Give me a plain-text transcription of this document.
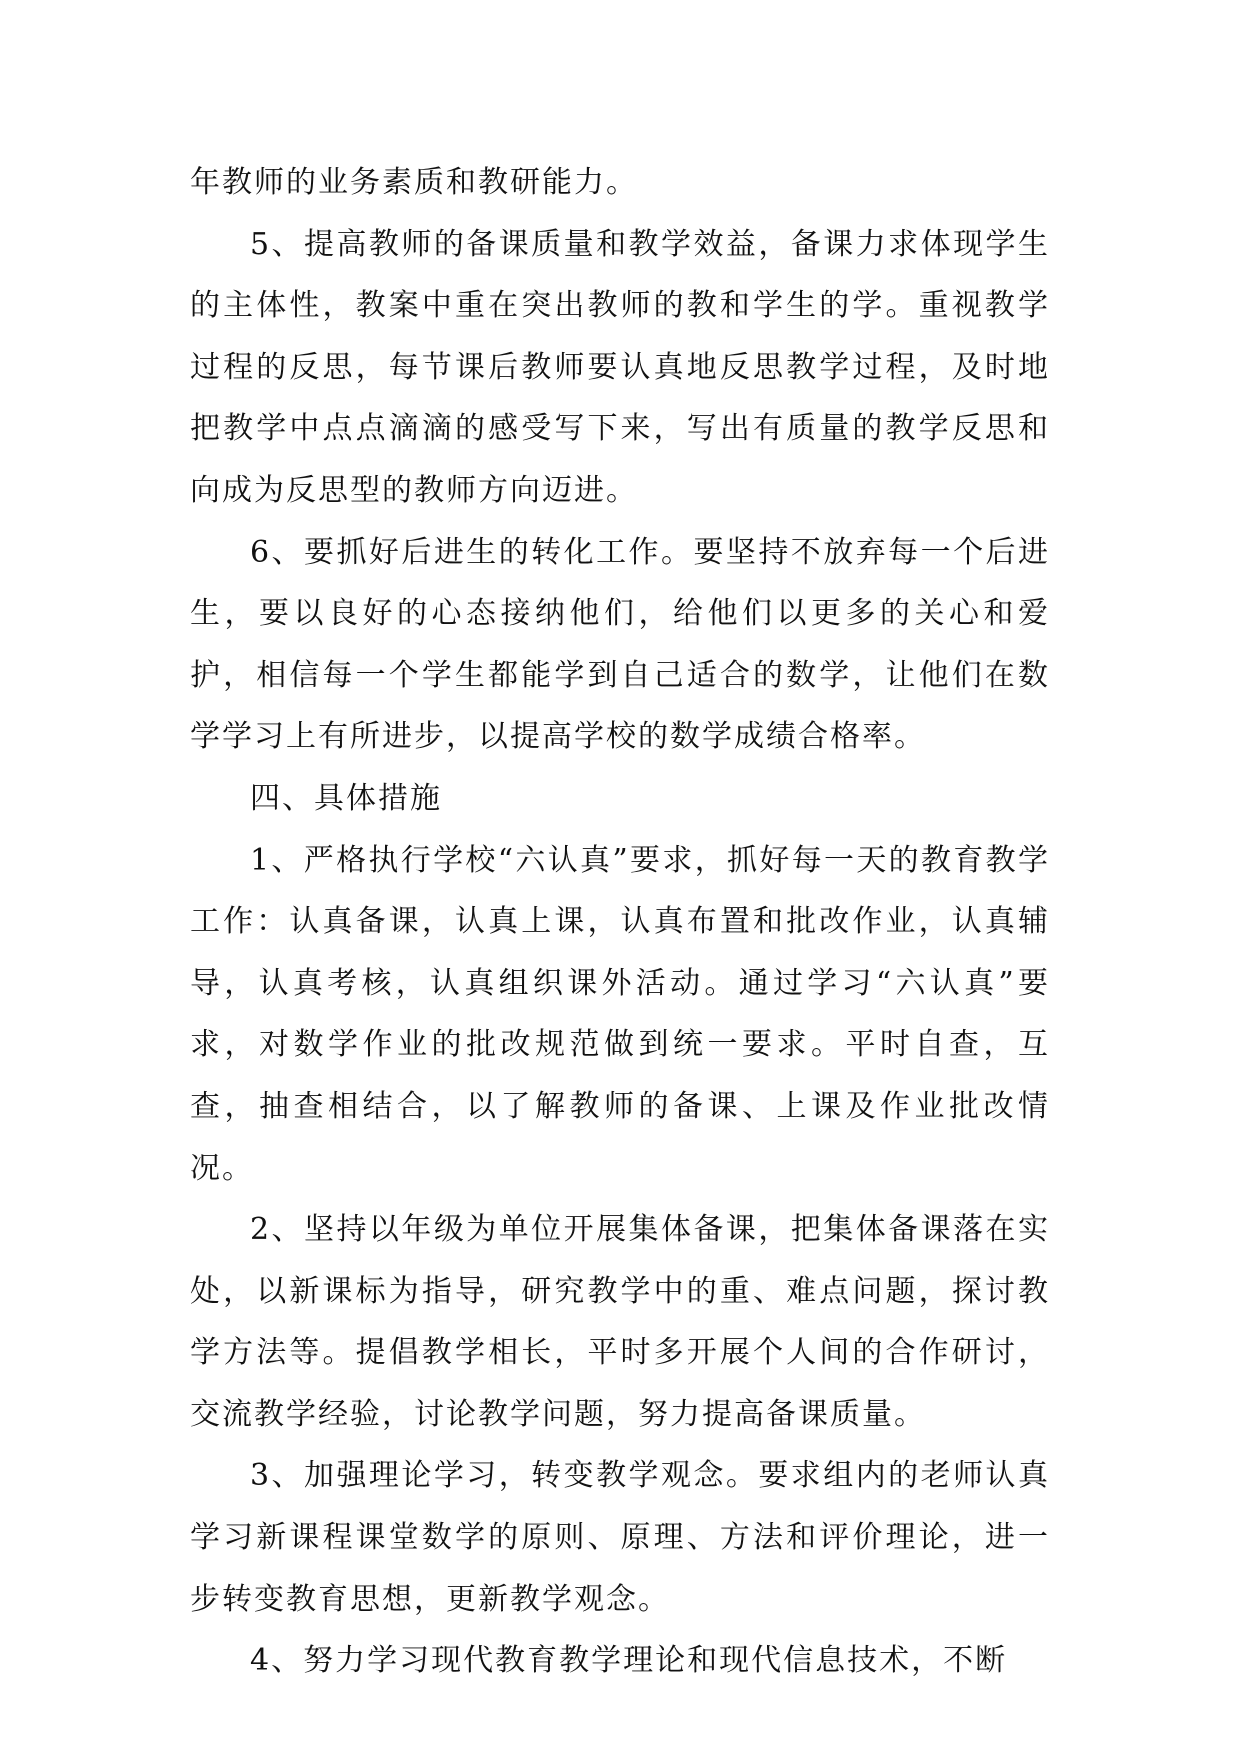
年教师的业务素质和教研能力。

5、提高教师的备课质量和教学效益，备课力求体现学生的主体性，教案中重在突出教师的教和学生的学。重视教学过程的反思，每节课后教师要认真地反思教学过程，及时地把教学中点点滴滴的感受写下来，写出有质量的教学反思和向成为反思型的教师方向迈进。

6、要抓好后进生的转化工作。要坚持不放弃每一个后进生，要以良好的心态接纳他们，给他们以更多的关心和爱护，相信每一个学生都能学到自己适合的数学，让他们在数学学习上有所进步，以提高学校的数学成绩合格率。

四、具体措施

1、严格执行学校“六认真”要求，抓好每一天的教育教学工作：认真备课，认真上课，认真布置和批改作业，认真辅导，认真考核，认真组织课外活动。通过学习“六认真”要求，对数学作业的批改规范做到统一要求。平时自查，互查，抽查相结合，以了解教师的备课、上课及作业批改情况。

2、坚持以年级为单位开展集体备课，把集体备课落在实处，以新课标为指导，研究教学中的重、难点问题，探讨教学方法等。提倡教学相长，平时多开展个人间的合作研讨，交流教学经验，讨论教学问题，努力提高备课质量。

3、加强理论学习，转变教学观念。要求组内的老师认真学习新课程课堂数学的原则、原理、方法和评价理论，进一步转变教育思想，更新教学观念。

4、努力学习现代教育教学理论和现代信息技术，不断
